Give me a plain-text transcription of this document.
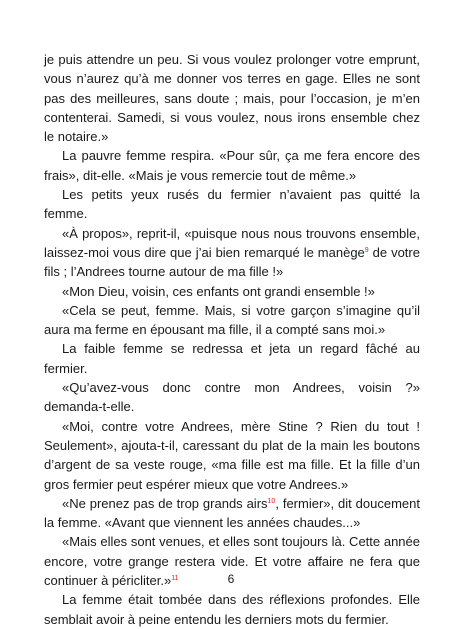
je puis attendre un peu. Si vous voulez prolonger votre emprunt, vous n’aurez qu’à me donner vos terres en gage. Elles ne sont pas des meilleures, sans doute ; mais, pour l’occasion, je m’en contenterai. Samedi, si vous voulez, nous irons ensemble chez le notaire.»

La pauvre femme respira. «Pour sûr, ça me fera encore des frais», dit-elle. «Mais je vous remercie tout de même.»

Les petits yeux rusés du fermier n’avaient pas quitté la femme.

«À propos», reprit-il, «puisque nous nous trouvons ensemble, laissez-moi vous dire que j’ai bien remarqué le manège$^9$ de votre fils ; l’Andrees tourne autour de ma fille !»

«Mon Dieu, voisin, ces enfants ont grandi ensemble !»

«Cela se peut, femme. Mais, si votre garçon s’imagine qu’il aura ma ferme en épousant ma fille, il a compté sans moi.»

La faible femme se redressa et jeta un regard fâché au fermier.

«Qu’avez-vous donc contre mon Andrees, voisin ?» demanda-t-elle.

«Moi, contre votre Andrees, mère Stine ? Rien du tout ! Seulement», ajouta-t-il, caressant du plat de la main les boutons d’argent de sa veste rouge, «ma fille est ma fille. Et la fille d’un gros fermier peut espérer mieux que votre Andrees.»

«Ne prenez pas de trop grands airs$^{10}$, fermier», dit doucement la femme. «Avant que viennent les années chaudes...»

«Mais elles sont venues, et elles sont toujours là. Cette année encore, votre grange restera vide. Et votre affaire ne fera que continuer à péricliter.»$^{11}$

La femme était tombée dans des réflexions profondes. Elle semblait avoir à peine entendu les derniers mots du fermier.

6
